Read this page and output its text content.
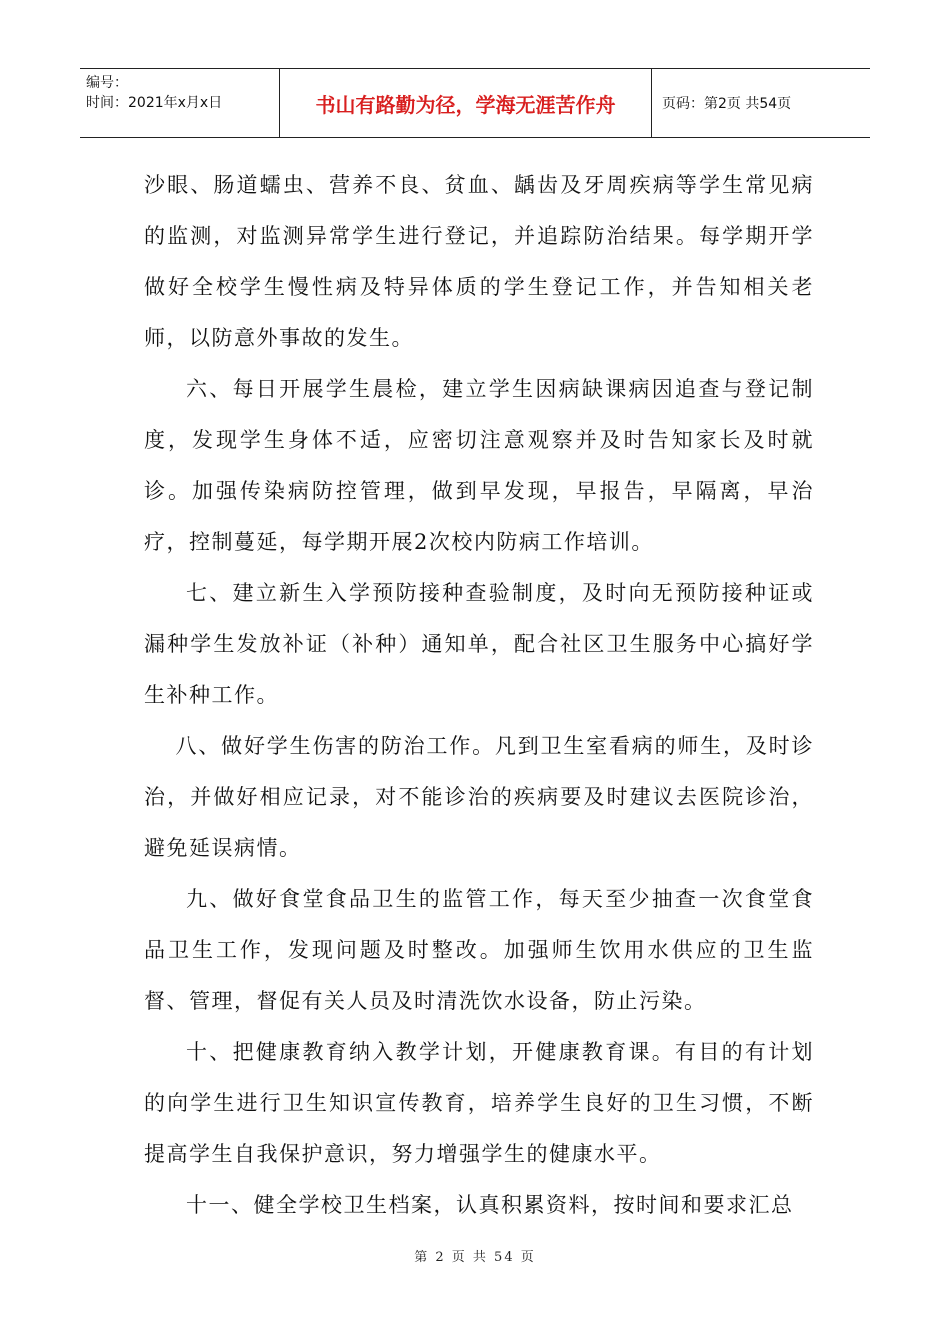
编号：
时间：2021年x月x日	书山有路勤为径，学海无涯苦作舟	页码：第2页 共54页

沙眼、肠道蠕虫、营养不良、贫血、龋齿及牙周疾病等学生常见病的监测，对监测异常学生进行登记，并追踪防治结果。每学期开学做好全校学生慢性病及特异体质的学生登记工作，并告知相关老师，以防意外事故的发生。

六、每日开展学生晨检，建立学生因病缺课病因追查与登记制度，发现学生身体不适，应密切注意观察并及时告知家长及时就诊。加强传染病防控管理，做到早发现，早报告，早隔离，早治疗，控制蔓延，每学期开展2次校内防病工作培训。

七、建立新生入学预防接种查验制度，及时向无预防接种证或漏种学生发放补证（补种）通知单，配合社区卫生服务中心搞好学生补种工作。

八、做好学生伤害的防治工作。凡到卫生室看病的师生，及时诊治，并做好相应记录，对不能诊治的疾病要及时建议去医院诊治，避免延误病情。

九、做好食堂食品卫生的监管工作，每天至少抽查一次食堂食品卫生工作，发现问题及时整改。加强师生饮用水供应的卫生监督、管理，督促有关人员及时清洗饮水设备，防止污染。

十、把健康教育纳入教学计划，开健康教育课。有目的有计划的向学生进行卫生知识宣传教育，培养学生良好的卫生习惯，不断提高学生自我保护意识，努力增强学生的健康水平。

十一、健全学校卫生档案，认真积累资料，按时间和要求汇总

第 2 页 共 54 页
